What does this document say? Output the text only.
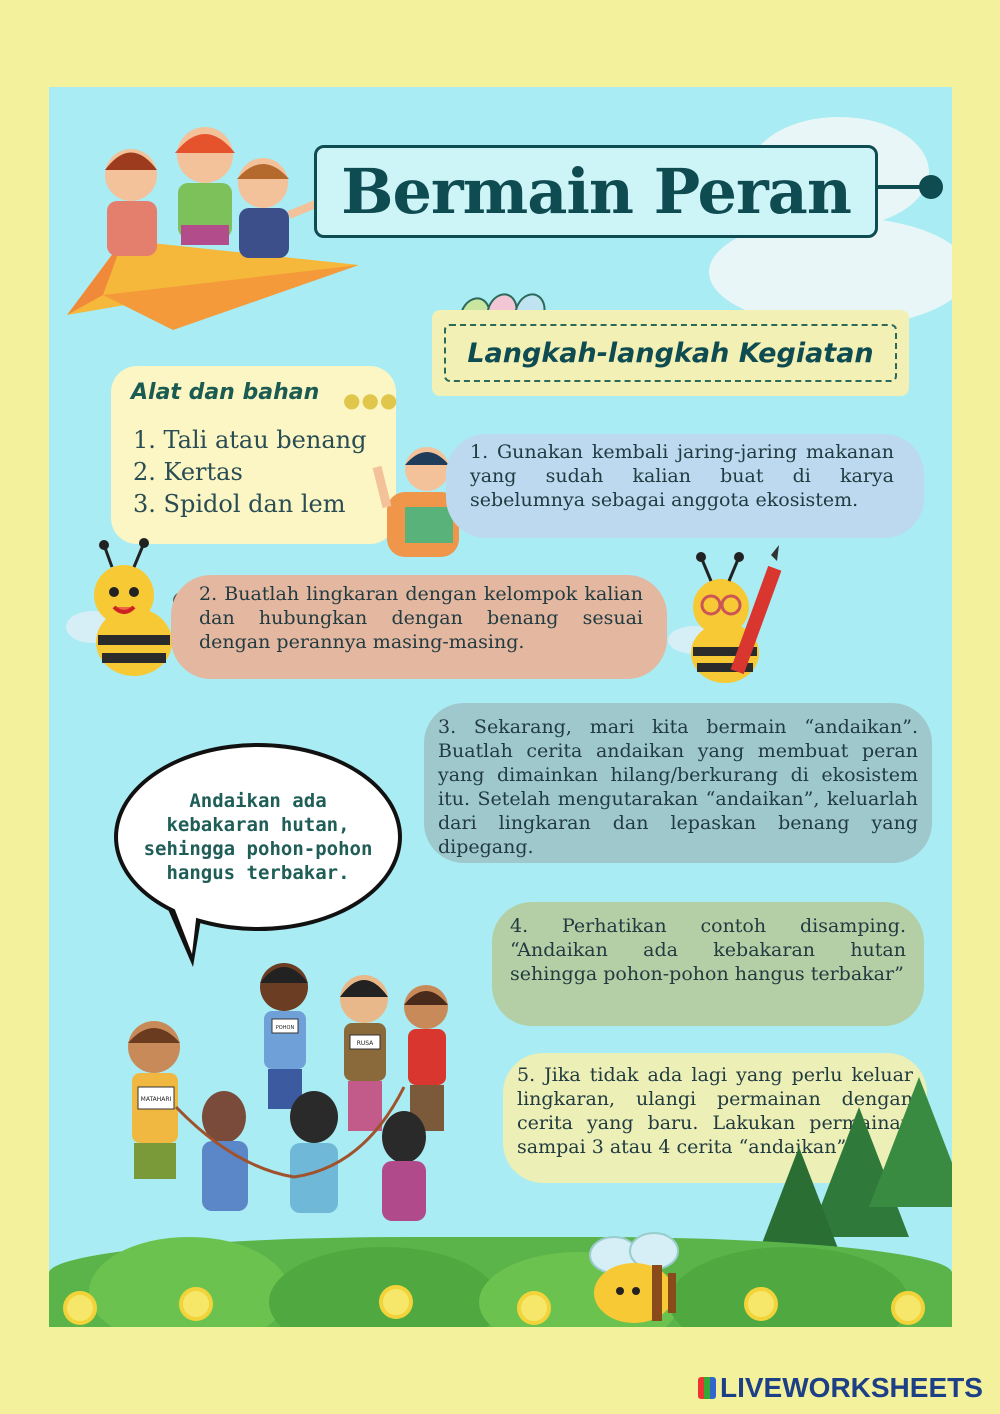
Bermain Peran
Langkah-langkah Kegiatan
Alat dan bahan ●●●
1. Tali atau benang
2. Kertas
3. Spidol dan lem
1. Gunakan kembali jaring-jaring makanan yang sudah kalian buat di karya sebelumnya sebagai anggota ekosistem.
2. Buatlah lingkaran dengan kelompok kalian dan hubungkan dengan benang sesuai dengan perannya masing-masing.
3. Sekarang, mari kita bermain “andaikan”. Buatlah cerita andaikan yang membuat peran yang dimainkan hilang/berkurang di ekosistem itu. Setelah mengutarakan “andaikan”, keluarlah dari lingkaran dan lepaskan benang yang dipegang.
Andaikan ada kebakaran hutan, sehingga pohon-pohon hangus terbakar.
4. Perhatikan contoh disamping. “Andaikan ada kebakaran hutan sehingga pohon-pohon hangus terbakar”
5. Jika tidak ada lagi yang perlu keluar lingkaran, ulangi permainan dengan cerita yang baru. Lakukan permainan sampai 3 atau 4 cerita “andaikan”.
MATAHARI
POHON
RUSA
LIVEWORKSHEETS
